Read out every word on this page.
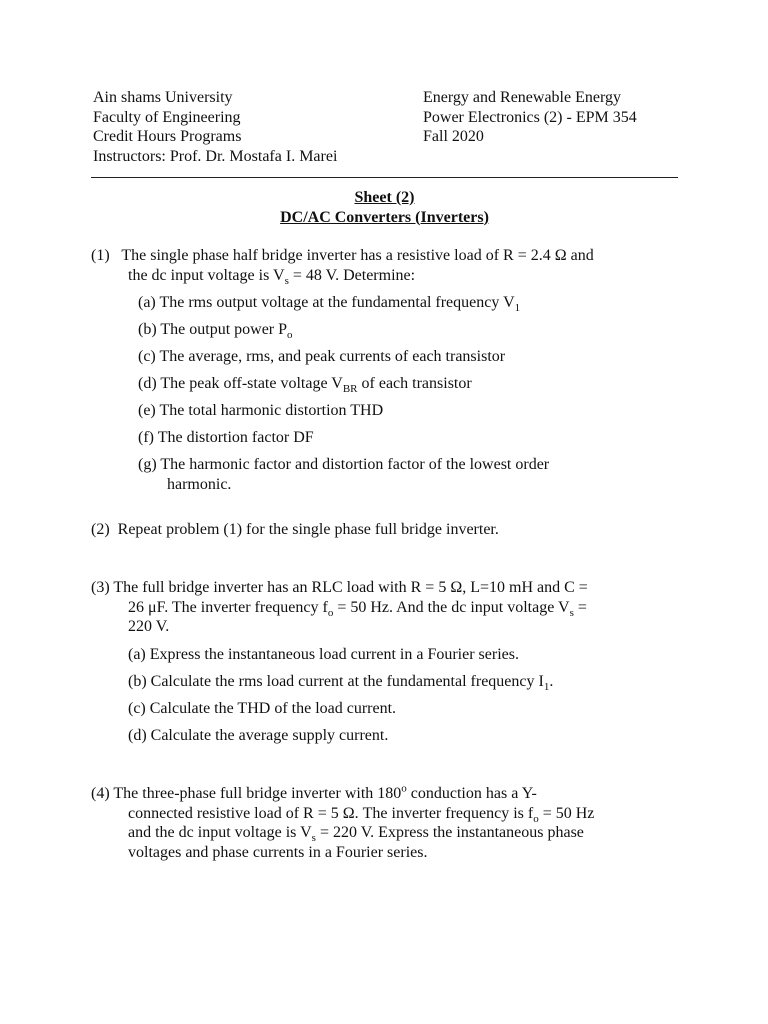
Ain shams University
Faculty of Engineering
Credit Hours Programs
Instructors: Prof. Dr. Mostafa I. Marei
Energy and Renewable Energy
Power Electronics (2) - EPM 354
Fall 2020
Sheet (2)
DC/AC Converters (Inverters)
(1) The single phase half bridge inverter has a resistive load of R = 2.4 Ω and
the dc input voltage is $V_s = 48$ V. Determine:
(a) The rms output voltage at the fundamental frequency $V_1$
(b) The output power $P_o$
(c) The average, rms, and peak currents of each transistor
(d) The peak off-state voltage $V_{BR}$ of each transistor
(e) The total harmonic distortion THD
(f) The distortion factor DF
(g) The harmonic factor and distortion factor of the lowest order
harmonic.
(2) Repeat problem (1) for the single phase full bridge inverter.
(3) The full bridge inverter has an RLC load with R = 5 Ω, L=10 mH and C =
26 μF. The inverter frequency $f_o = 50$ Hz. And the dc input voltage $V_s$ =
220 V.
(a) Express the instantaneous load current in a Fourier series.
(b) Calculate the rms load current at the fundamental frequency $I_1$.
(c) Calculate the THD of the load current.
(d) Calculate the average supply current.
(4) The three-phase full bridge inverter with 180$^o$ conduction has a Y-
connected resistive load of R = 5 Ω. The inverter frequency is $f_o = 50$ Hz
and the dc input voltage is $V_s = 220$ V. Express the instantaneous phase
voltages and phase currents in a Fourier series.
